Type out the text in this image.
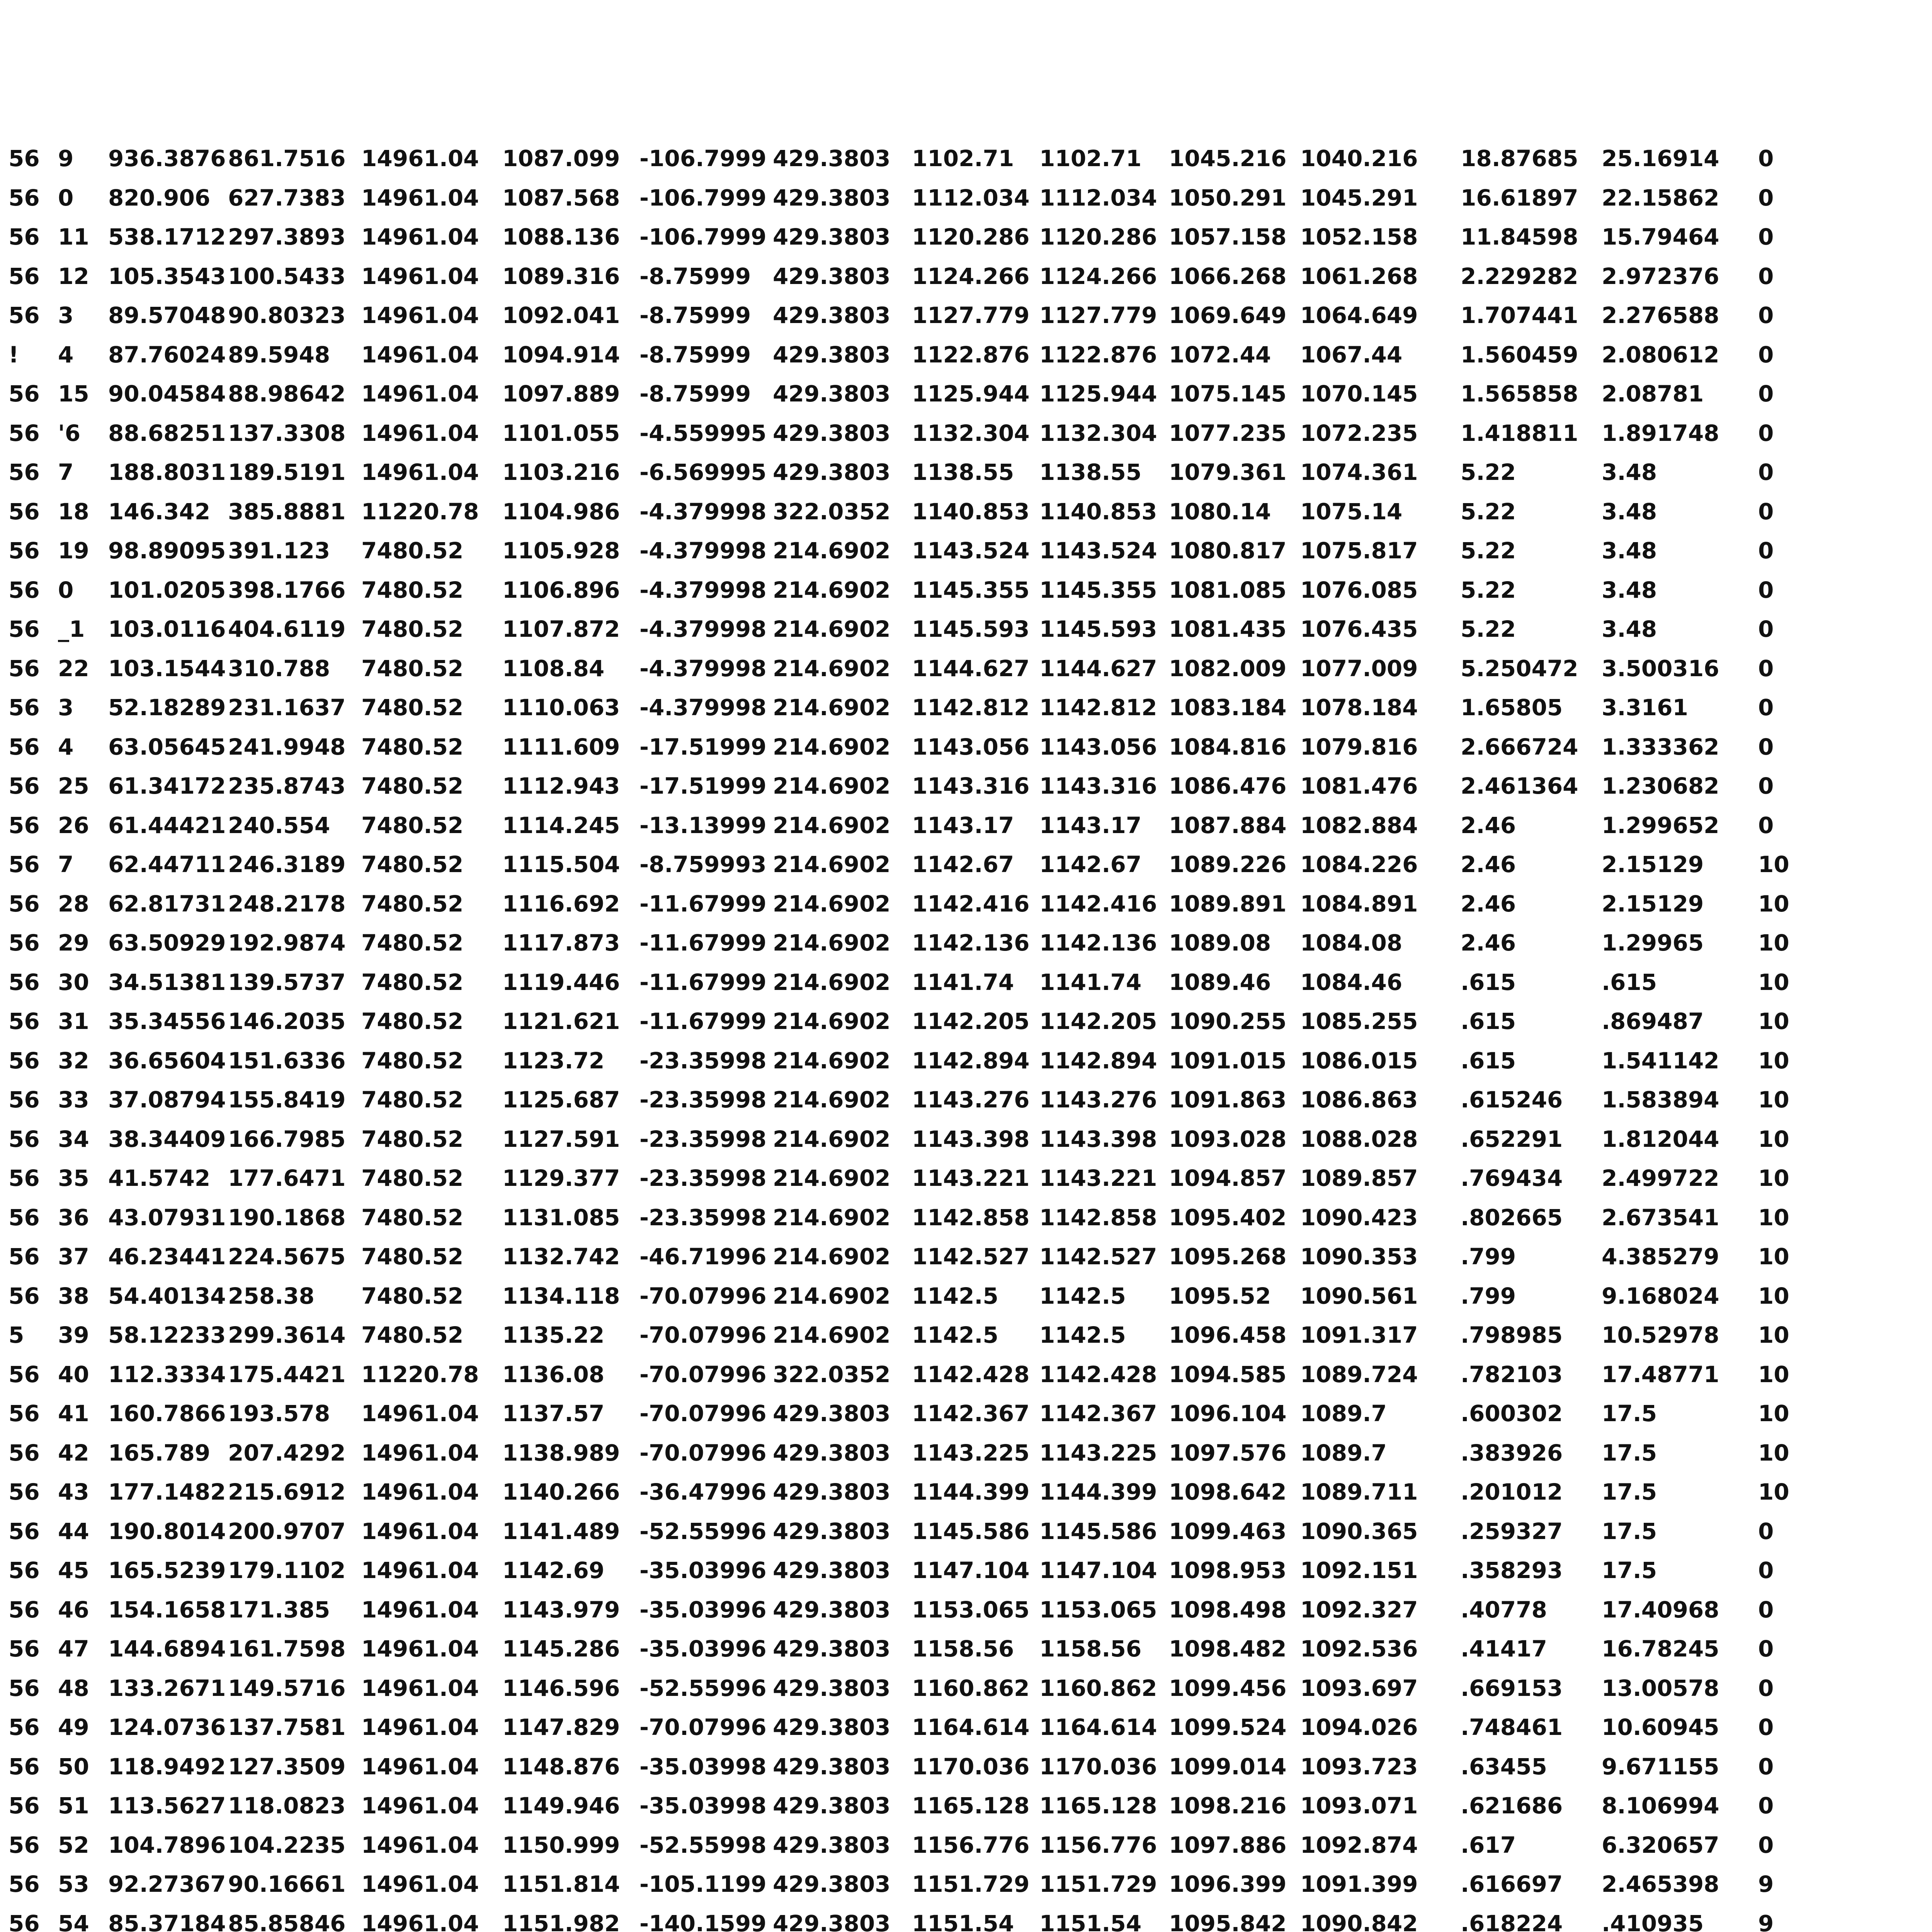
56 9 936.3876 861.7516 14961.04 1087.099 -106.7999 429.3803 1102.71 1102.71 1045.216 1040.216 18.87685 25.16914 0
56 0 820.906 627.7383 14961.04 1087.568 -106.7999 429.3803 1112.034 1112.034 1050.291 1045.291 16.61897 22.15862 0
56 11 538.1712 297.3893 14961.04 1088.136 -106.7999 429.3803 1120.286 1120.286 1057.158 1052.158 11.84598 15.79464 0
56 12 105.3543 100.5433 14961.04 1089.316 -8.75999 429.3803 1124.266 1124.266 1066.268 1061.268 2.229282 2.972376 0
56 3 89.57048 90.80323 14961.04 1092.041 -8.75999 429.3803 1127.779 1127.779 1069.649 1064.649 1.707441 2.276588 0
! 4 87.76024 89.5948 14961.04 1094.914 -8.75999 429.3803 1122.876 1122.876 1072.44 1067.44	1.560459 2.080612 0
56 15 90.04584 88.98642 14961.04 1097.889 -8.75999 429.3803 1125.944 1125.944 1075.145 1070.145 1.565858 2.08781 0
56 '6 88.68251 137.3308 14961.04 1101.055 -4.559995 429.3803 1132.304 1132.304 1077.235 1072.235 1.418811 1.891748 0
56 7 188.8031 189.5191 14961.04 1103.216 -6.569995 429.3803 1138.55 1138.55 1079.361 1074.361 5.22	3.48	0
56 18 146.342 385.8881 11220.78 1104.986 -4.379998 322.0352 1140.853 1140.853 1080.14 1075.14	5.22	3.48	0
56 19 98.89095 391.123 7480.52 1105.928 -4.379998 214.6902 1143.524 1143.524 1080.817 1075.817 5.22	3.48	0
56 0 101.0205 398.1766 7480.52 1106.896 -4.379998 214.6902 1145.355 1145.355 1081.085 1076.085 5.22	3.48	0
56 _1 103.0116 404.6119 7480.52 1107.872 -4.379998 214.6902 1145.593 1145.593 1081.435 1076.435 5.22	3.48	0
56 22 103.1544 310.788 7480.52 1108.84 -4.379998 214.6902 1144.627 1144.627 1082.009 1077.009 5.250472 3.500316 0
56 3 52.18289 231.1637 7480.52 1110.063 -4.379998 214.6902 1142.812 1142.812 1083.184 1078.184 1.65805 3.3161	0
56 4 63.05645 241.9948 7480.52 1111.609 -17.51999 214.6902 1143.056 1143.056 1084.816 1079.816 2.666724 1.333362 0
56 25 61.34172 235.8743 7480.52 1112.943 -17.51999 214.6902 1143.316 1143.316 1086.476 1081.476 2.461364 1.230682 0
56 26 61.44421 240.554 7480.52 1114.245 -13.13999 214.6902 1143.17 1143.17 1087.884 1082.884 2.46	1.299652 0
56 7 62.44711 246.3189 7480.52 1115.504 -8.759993 214.6902 1142.67 1142.67 1089.226 1084.226 2.46	2.15129 10
56 28 62.81731 248.2178 7480.52 1116.692 -11.67999 214.6902 1142.416 1142.416 1089.891 1084.891 2.46	2.15129 10
56 29 63.50929 192.9874 7480.52 1117.873 -11.67999 214.6902 1142.136 1142.136 1089.08 1084.08	2.46	1.29965 10
56 30 34.51381 139.5737 7480.52 1119.446 -11.67999 214.6902 1141.74 1141.74 1089.46 1084.46	.615	.615	10
56 31 35.34556 146.2035 7480.52 1121.621 -11.67999 214.6902 1142.205 1142.205 1090.255 1085.255 .615	.869487 10
56 32 36.65604 151.6336 7480.52 1123.72 -23.35998 214.6902 1142.894 1142.894 1091.015 1086.015 .615	1.541142 10
56 33 37.08794 155.8419 7480.52 1125.687 -23.35998 214.6902 1143.276 1143.276 1091.863 1086.863 .615246 1.583894 10
56 34 38.34409 166.7985 7480.52 1127.591 -23.35998 214.6902 1143.398 1143.398 1093.028 1088.028 .652291 1.812044 10
56 35 41.5742 177.6471 7480.52 1129.377 -23.35998 214.6902 1143.221 1143.221 1094.857 1089.857 .769434 2.499722 10
56 36 43.07931 190.1868 7480.52 1131.085 -23.35998 214.6902 1142.858 1142.858 1095.402 1090.423 .802665 2.673541 10
56 37 46.23441 224.5675 7480.52 1132.742 -46.71996 214.6902 1142.527 1142.527 1095.268 1090.353 .799	4.385279 10
56 38 54.40134 258.38 7480.52 1134.118 -70.07996 214.6902 1142.5 1142.5 1095.52 1090.561 .799	9.168024 10
5 39 58.12233 299.3614 7480.52 1135.22 -70.07996 214.6902 1142.5 1142.5 1096.458 1091.317 .798985 10.52978 10
56 40 112.3334 175.4421 11220.78 1136.08 -70.07996 322.0352 1142.428 1142.428 1094.585 1089.724 .782103 17.48771 10
56 41 160.7866 193.578 14961.04 1137.57 -70.07996 429.3803 1142.367 1142.367 1096.104 1089.7	.600302 17.5	10
56 42 165.789 207.4292 14961.04 1138.989 -70.07996 429.3803 1143.225 1143.225 1097.576 1089.7	.383926 17.5	10
56 43 177.1482 215.6912 14961.04 1140.266 -36.47996 429.3803 1144.399 1144.399 1098.642 1089.711 .201012 17.5	10
56 44 190.8014 200.9707 14961.04 1141.489 -52.55996 429.3803 1145.586 1145.586 1099.463 1090.365 .259327 17.5	0
56 45 165.5239 179.1102 14961.04 1142.69 -35.03996 429.3803 1147.104 1147.104 1098.953 1092.151 .358293 17.5	0
56 46 154.1658 171.385 14961.04 1143.979 -35.03996 429.3803 1153.065 1153.065 1098.498 1092.327 .40778 17.40968 0
56 47 144.6894 161.7598 14961.04 1145.286 -35.03996 429.3803 1158.56 1158.56 1098.482 1092.536 .41417 16.78245 0
56 48 133.2671 149.5716 14961.04 1146.596 -52.55996 429.3803 1160.862 1160.862 1099.456 1093.697 .669153 13.00578 0
56 49 124.0736 137.7581 14961.04 1147.829 -70.07996 429.3803 1164.614 1164.614 1099.524 1094.026 .748461 10.60945 0
56 50 118.9492 127.3509 14961.04 1148.876 -35.03998 429.3803 1170.036 1170.036 1099.014 1093.723 .63455 9.671155 0
56 51 113.5627 118.0823 14961.04 1149.946 -35.03998 429.3803 1165.128 1165.128 1098.216 1093.071 .621686 8.106994 0
56 52 104.7896 104.2235 14961.04 1150.999 -52.55998 429.3803 1156.776 1156.776 1097.886 1092.874 .617	6.320657 0
56 53 92.27367 90.16661 14961.04 1151.814 -105.1199 429.3803 1151.729 1151.729 1096.399 1091.399 .616697 2.465398 9
56 54 85.37184 85.85846 14961.04 1151.982 -140.1599 429.3803 1151.54 1151.54 1095.842 1090.842 .618224 .410935 9
